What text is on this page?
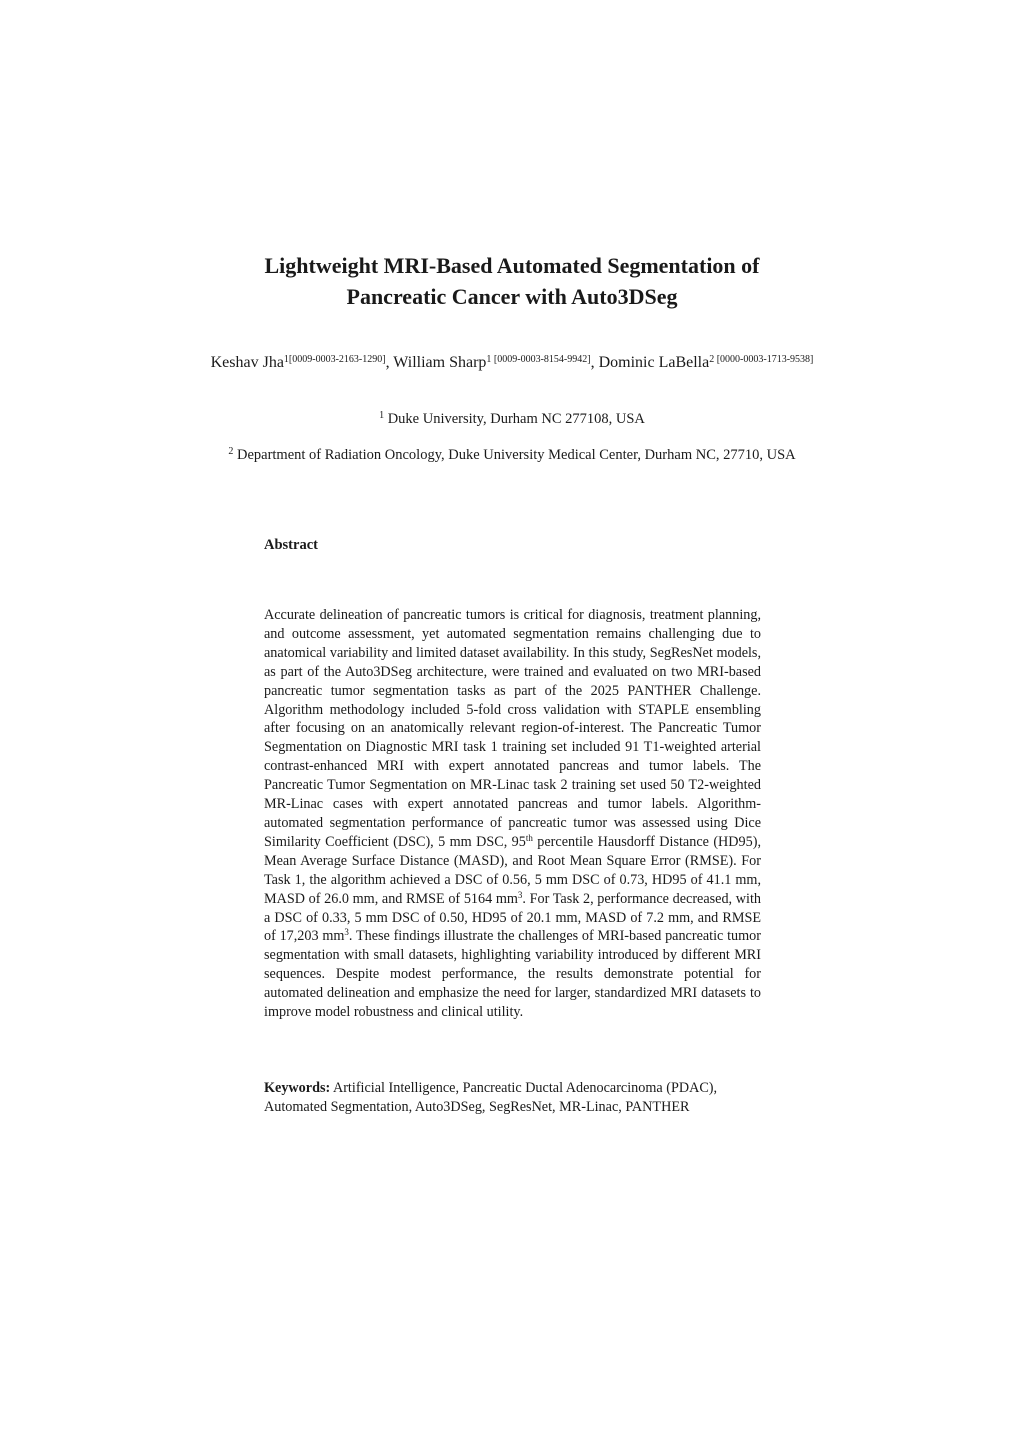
Lightweight MRI-Based Automated Segmentation of
Pancreatic Cancer with Auto3DSeg
Keshav Jha$^{1[0009-0003-2163-1290]}$, William Sharp$^1$ [0009-0003-8154-9942], Dominic LaBella$^2$ [0000-0003-1713-9538]
$^1$ Duke University, Durham NC 277108, USA
$^2$ Department of Radiation Oncology, Duke University Medical Center, Durham NC, 27710, USA
Abstract

Accurate delineation of pancreatic tumors is critical for diagnosis, treatment planning, and outcome assessment, yet automated segmentation remains challenging due to anatomical variability and limited dataset availability. In this study, SegResNet models, as part of the Auto3DSeg architecture, were trained and evaluated on two MRI-based pancreatic tumor segmentation tasks as part of the 2025 PANTHER Challenge. Algorithm methodology included 5-fold cross validation with STAPLE ensembling after focusing on an anatomically relevant region-of-interest. The Pancreatic Tumor Segmentation on Diagnostic MRI task 1 training set included 91 T1-weighted arterial contrast-enhanced MRI with expert annotated pancreas and tumor labels. The Pancreatic Tumor Segmentation on MR-Linac task 2 training set used 50 T2-weighted MR-Linac cases with expert annotated pancreas and tumor labels. Algorithm-automated segmentation performance of pancreatic tumor was assessed using Dice Similarity Coefficient (DSC), 5 mm DSC, 95th percentile Hausdorff Distance (HD95), Mean Average Surface Distance (MASD), and Root Mean Square Error (RMSE). For Task 1, the algorithm achieved a DSC of 0.56, 5 mm DSC of 0.73, HD95 of 41.1 mm, MASD of 26.0 mm, and RMSE of 5164 $mm^3$. For Task 2, performance decreased, with a DSC of 0.33, 5 mm DSC of 0.50, HD95 of 20.1 mm, MASD of 7.2 mm, and RMSE of 17,203 $mm^3$. These findings illustrate the challenges of MRI-based pancreatic tumor segmentation with small datasets, highlighting variability introduced by different MRI sequences. Despite modest performance, the results demonstrate potential for automated delineation and emphasize the need for larger, standardized MRI datasets to improve model robustness and clinical utility.

Keywords: Artificial Intelligence, Pancreatic Ductal Adenocarcinoma (PDAC), Automated Segmentation, Auto3DSeg, SegResNet, MR-Linac, PANTHER
